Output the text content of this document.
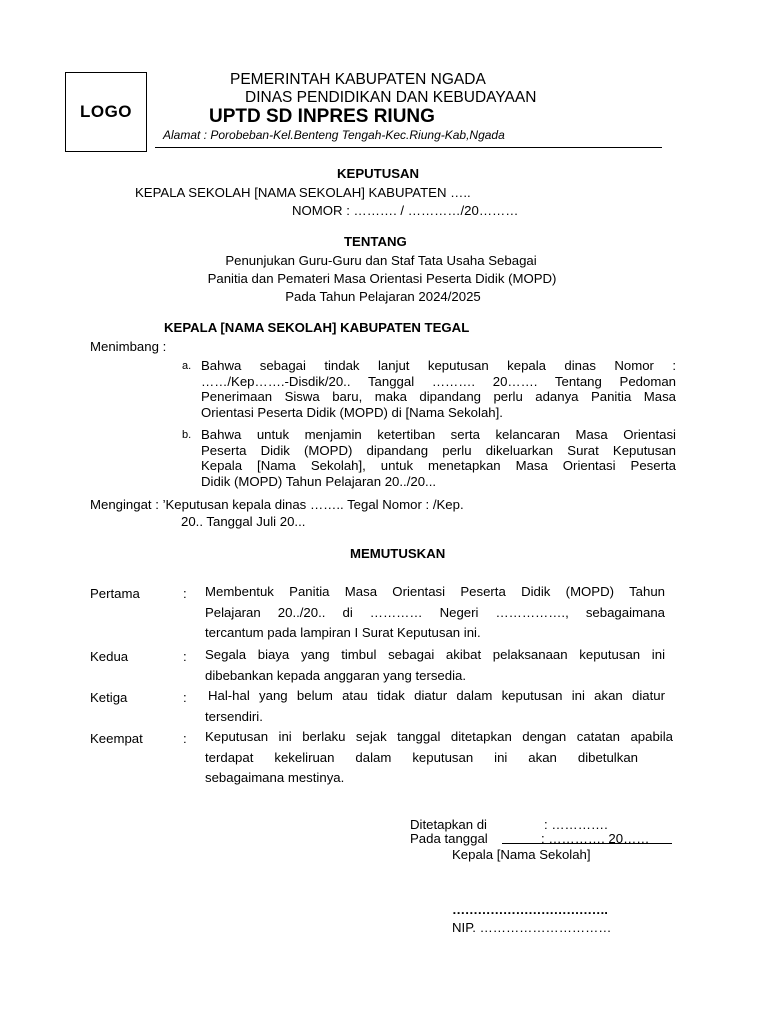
LOGO
PEMERINTAH KABUPATEN NGADA
DINAS PENDIDIKAN DAN KEBUDAYAAN
UPTD SD INPRES RIUNG
Alamat : Porobeban-Kel.Benteng Tengah-Kec.Riung-Kab,Ngada
KEPUTUSAN
KEPALA SEKOLAH [NAMA SEKOLAH] KABUPATEN …..
NOMOR : ………. / …………/20………
TENTANG
Penunjukan Guru-Guru dan Staf Tata Usaha Sebagai
Panitia dan Pemateri Masa Orientasi Peserta Didik (MOPD)
Pada Tahun Pelajaran 2024/2025
KEPALA [NAMA SEKOLAH] KABUPATEN TEGAL
Menimbang :
a. Bahwa sebagai tindak lanjut keputusan kepala dinas Nomor :
……/Kep…….-Disdik/20.. Tanggal ………. 20……. Tentang Pedoman
Penerimaan Siswa baru, maka dipandang perlu adanya Panitia Masa
Orientasi Peserta Didik (MOPD) di [Nama Sekolah].
b. Bahwa untuk menjamin ketertiban serta kelancaran Masa Orientasi
Peserta Didik (MOPD) dipandang perlu dikeluarkan Surat Keputusan
Kepala [Nama Sekolah], untuk menetapkan Masa Orientasi Peserta
Didik (MOPD) Tahun Pelajaran 20../20...
Mengingat : ’Keputusan kepala dinas …….. Tegal Nomor : /Kep.
20.. Tanggal Juli 20...
MEMUTUSKAN
Pertama	: Membentuk Panitia Masa Orientasi Peserta Didik (MOPD) Tahun
Pelajaran 20../20.. di ………… Negeri ……………., sebagaimana
tercantum pada lampiran I Surat Keputusan ini.
Kedua	: Segala biaya yang timbul sebagai akibat pelaksanaan keputusan ini
dibebankan kepada anggaran yang tersedia.
Ketiga	: Hal-hal yang belum atau tidak diatur dalam keputusan ini akan diatur
tersendiri.
Keempat	: Keputusan ini berlaku sejak tanggal ditetapkan dengan catatan apabila
terdapat kekeliruan dalam keputusan ini akan dibetulkan
sebagaimana mestinya.
Ditetapkan di	: ………….
Pada tanggal	: …………. 20……
Kepala [Nama Sekolah]
……………………………….
NIP. …………………………
